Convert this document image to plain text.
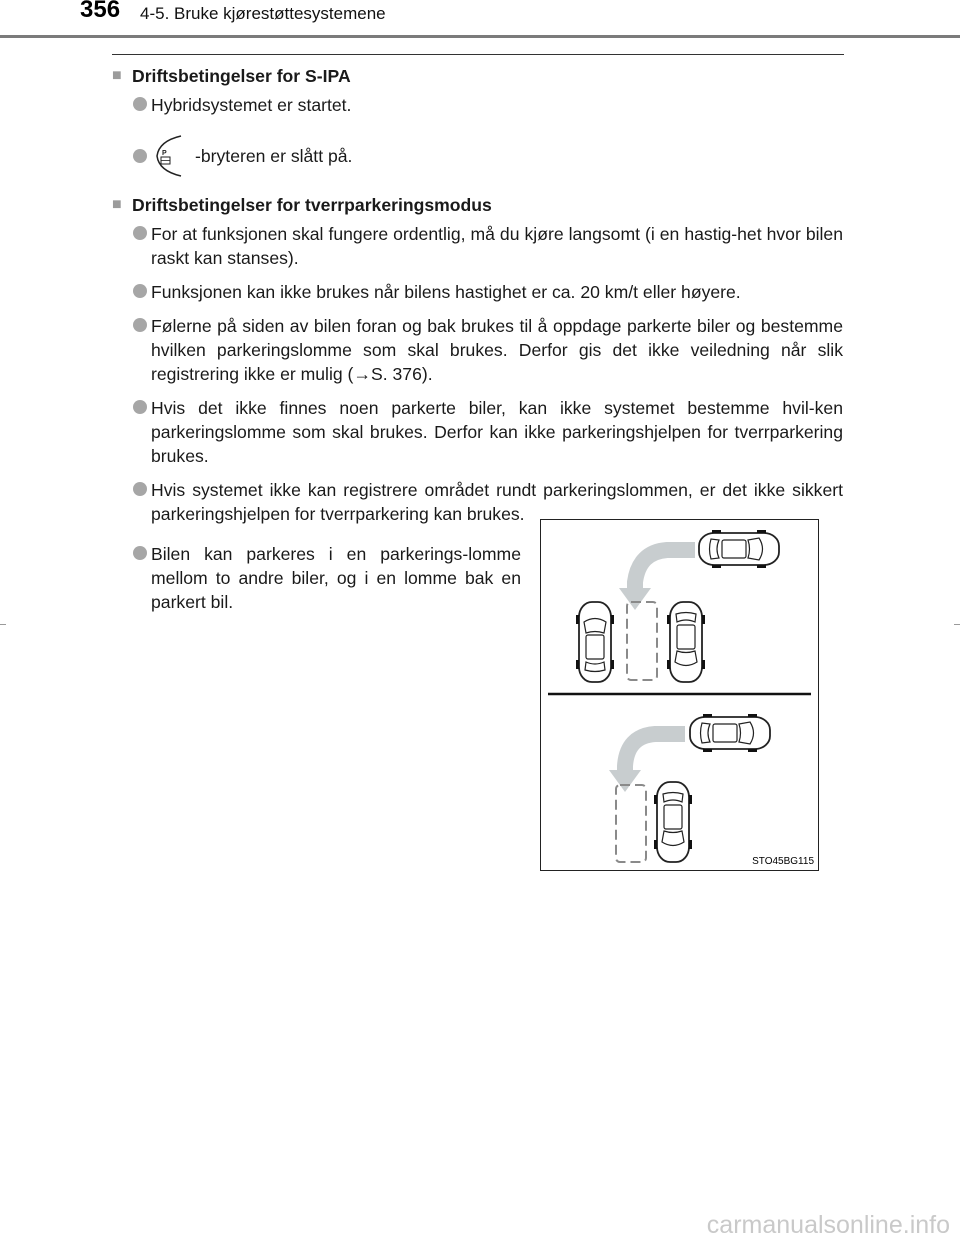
356 4-5. Bruke kjørestøttesystemene
■ Driftsbetingelser for S-IPA
Hybridsystemet er startet.
P -bryteren er slått på.
■ Driftsbetingelser for tverrparkeringsmodus
For at funksjonen skal fungere ordentlig, må du kjøre langsomt (i en hastig-het hvor bilen raskt kan stanses).
Funksjonen kan ikke brukes når bilens hastighet er ca. 20 km/t eller høyere.
Følerne på siden av bilen foran og bak brukes til å oppdage parkerte biler og bestemme hvilken parkeringslomme som skal brukes. Derfor gis det ikke veiledning når slik registrering ikke er mulig (→S. 376).
Hvis det ikke finnes noen parkerte biler, kan ikke systemet bestemme hvil-ken parkeringslomme som skal brukes. Derfor kan ikke parkeringshjelpen for tverrparkering brukes.
Hvis systemet ikke kan registrere området rundt parkeringslommen, er det ikke sikkert parkeringshjelpen for tverrparkering kan brukes.
Bilen kan parkeres i en parkerings-lomme mellom to andre biler, og i en lomme bak en parkert bil.
STO45BG115
carmanualsonline.info
